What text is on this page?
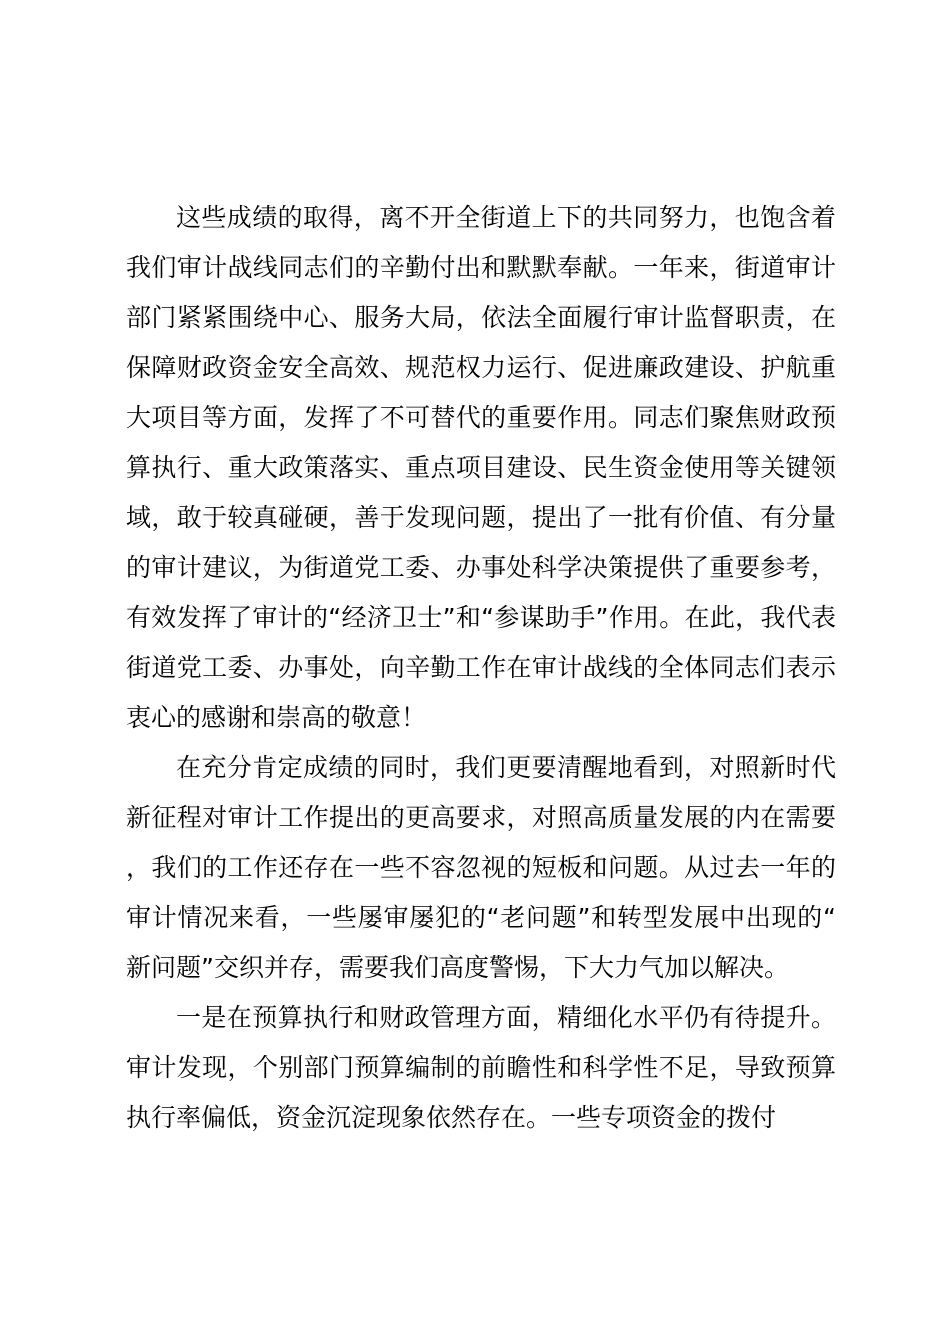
这些成绩的取得，离不开全街道上下的共同努力，也饱含着我们审计战线同志们的辛勤付出和默默奉献。一年来，街道审计部门紧紧围绕中心、服务大局，依法全面履行审计监督职责，在保障财政资金安全高效、规范权力运行、促进廉政建设、护航重大项目等方面，发挥了不可替代的重要作用。同志们聚焦财政预算执行、重大政策落实、重点项目建设、民生资金使用等关键领域，敢于较真碰硬，善于发现问题，提出了一批有价值、有分量的审计建议，为街道党工委、办事处科学决策提供了重要参考，有效发挥了审计的“经济卫士”和“参谋助手”作用。在此，我代表街道党工委、办事处，向辛勤工作在审计战线的全体同志们表示衷心的感谢和崇高的敬意！

在充分肯定成绩的同时，我们更要清醒地看到，对照新时代新征程对审计工作提出的更高要求，对照高质量发展的内在需要，我们的工作还存在一些不容忽视的短板和问题。从过去一年的审计情况来看，一些屡审屡犯的“老问题”和转型发展中出现的“新问题”交织并存，需要我们高度警惕，下大力气加以解决。

一是在预算执行和财政管理方面，精细化水平仍有待提升。审计发现，个别部门预算编制的前瞻性和科学性不足，导致预算执行率偏低，资金沉淀现象依然存在。一些专项资金的拨付
